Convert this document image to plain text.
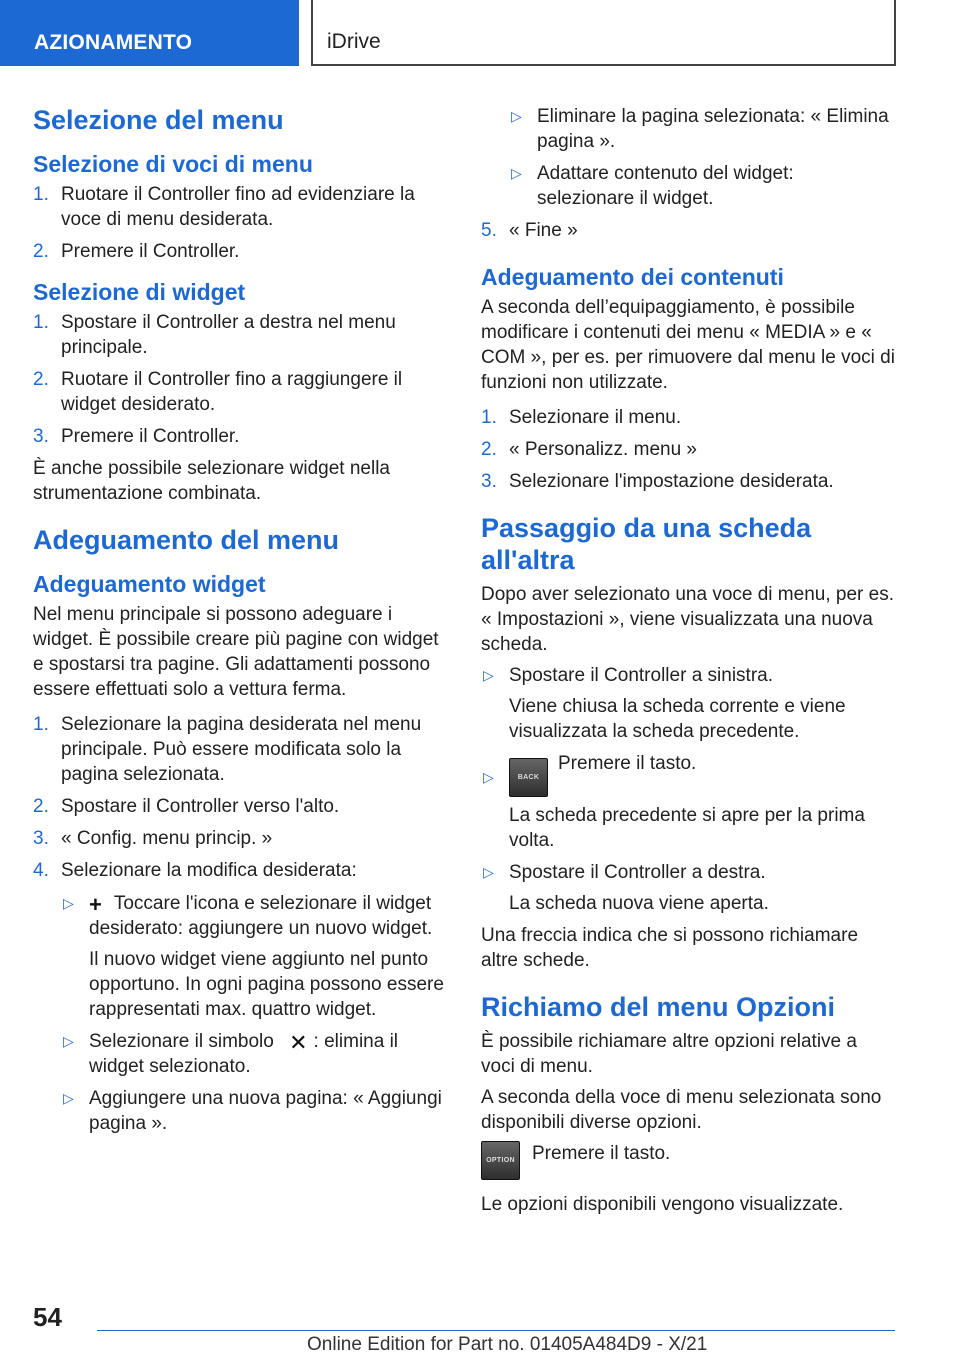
AZIONAMENTO	iDrive
Selezione del menu
Selezione di voci di menu
1. Ruotare il Controller fino ad evidenziare la voce di menu desiderata.
2. Premere il Controller.
Selezione di widget
1. Spostare il Controller a destra nel menu principale.
2. Ruotare il Controller fino a raggiungere il widget desiderato.
3. Premere il Controller.

È anche possibile selezionare widget nella strumentazione combinata.

Adeguamento del menu
Adeguamento widget

Nel menu principale si possono adeguare i widget. È possibile creare più pagine con widget e spostarsi tra pagine. Gli adattamenti possono essere effettuati solo a vettura ferma.

1. Selezionare la pagina desiderata nel menu principale. Può essere modificata solo la pagina selezionata.
2. Spostare il Controller verso l'alto.
3. « Config. menu princip. »
4. Selezionare la modifica desiderata:
▷ + Toccare l'icona e selezionare il widget desiderato: aggiungere un nuovo widget.

Il nuovo widget viene aggiunto nel punto opportuno. In ogni pagina possono essere rappresentati max. quattro widget.

▷ Selezionare il simbolo ✕ : elimina il widget selezionato.
▷ Aggiungere una nuova pagina: « Aggiungi pagina ».
▷ Eliminare la pagina selezionata: « Elimina pagina ».
▷ Adattare contenuto del widget: selezionare il widget.
5. « Fine »
Adeguamento dei contenuti

A seconda dell’equipaggiamento, è possibile modificare i contenuti dei menu « MEDIA » e « COM », per es. per rimuovere dal menu le voci di funzioni non utilizzate.

1. Selezionare il menu.
2. « Personalizz. menu »
3. Selezionare l'impostazione desiderata.
Passaggio da una scheda all'altra

Dopo aver selezionato una voce di menu, per es. « Impostazioni », viene visualizzata una nuova scheda.

▷ Spostare il Controller a sinistra.

Viene chiusa la scheda corrente e viene visualizzata la scheda precedente.

▷	BACKPremere il tasto.

La scheda precedente si apre per la prima volta.

▷ Spostare il Controller a destra.

La scheda nuova viene aperta.

Una freccia indica che si possono richiamare altre schede.

Richiamo del menu Opzioni

È possibile richiamare altre opzioni relative a voci di menu.

A seconda della voce di menu selezionata sono disponibili diverse opzioni.

OPTION Premere il tasto.

Le opzioni disponibili vengono visualizzate.

54
Online Edition for Part no. 01405A484D9 - X/21
